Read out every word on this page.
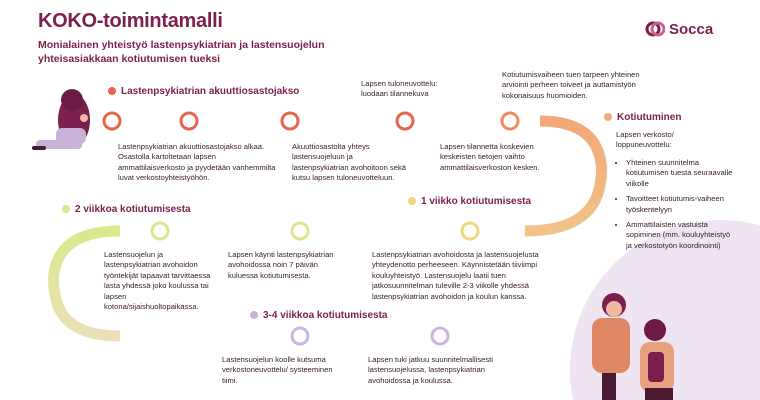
KOKO-toimintamalli
Monialainen yhteistyö lastenpsykiatrian ja lastensuojelun yhteisasiakkaan kotiutumisen tueksi
Socca
Lastenpsykiatrian akuuttiosastojakso
1 viikko kotiutumisesta
2 viikkoa kotiutumisesta
3-4 viikkoa kotiutumisesta
Kotiutuminen
Lastenpsykiatrian akuuttiosastojakso alkaa. Osastolla kartoitetaan lapsen ammattilaisverkosto ja pyydetään vanhemmilta luvat verkostoyhteistyöhön.
Akuuttiosastolta yhteys lastensuojeluun ja lastenpsykiatrian avohoitoon sekä kutsu lapsen tuloneuvotteluun.
Lapsen tuloneuvottelu: luodaan tilannekuva
Lapsen tilannetta koskevien keskeisten tietojen vaihto ammattilaisverkoston kesken.
Kotiutumisvaiheen tuen tarpeen yhteinen arviointi perheen toiveet ja auttamistyön kokonaisuus huomioiden.
Lastensuojelun ja lastenpsykiatrian avohoidon työntekijät tapaavat tarvittaessa lasta yhdessä joko koulussa tai lapsen kotona/sijaishuoltopaikassa.
Lapsen käynti lastenpsykiatrian avohoidossa noin 7 päivän kuluessa kotiutumisesta.
Lastenpsykiatrian avohoidosta ja lastensuojelusta yhteydenotto perheeseen. Käynnistetään tiiviimpi kouluyhteistyö. Lastensuojelu laatii tuen jatkosuunnitelman tuleville 2-3 viikolle yhdessä lastenpsykiatrian avohoidon ja koulun kanssa.
Lastensuojelun koolle kutsuma verkostoneuvottelu/ systeeminen tiimi.
Lapsen tuki jatkuu suunnitelmallisesti lastensuojelussa, lastenpsykiatrian avohoidossa ja koulussa.
Lapsen verkosto/ loppuneuvottelu:
• Yhteinen suunnitelma kotiutumisen tuesta seuraavalle viikolle
• Tavoitteet kotiutumis-vaiheen työskentelyyn
• Ammattilaisten vastuista sopiminen (mm. kouluyhteistyö ja verkostotyön koordinointi)
